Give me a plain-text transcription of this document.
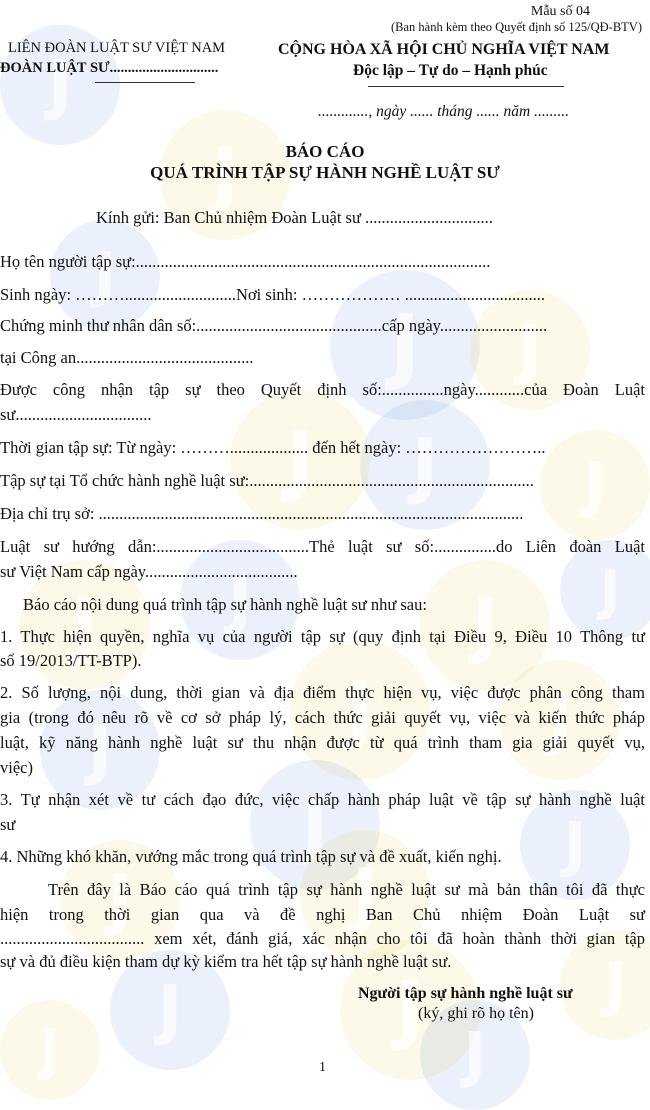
J
J
J	J
J
J	J	J
J	J	J	J
J	J	J
J	J
J	J
J	J	J
J
J
Mẫu số 04
(Ban hành kèm theo Quyết định số 125/QĐ-BTV)
LIÊN ĐOÀN LUẬT SƯ VIỆT NAM
ĐOÀN LUẬT SƯ..............................
CỘNG HÒA XÃ HỘI CHỦ NGHĨA VIỆT NAM
Độc lập – Tự do – Hạnh phúc
............., ngày ...... tháng ...... năm .........
BÁO CÁO
QUÁ TRÌNH TẬP SỰ HÀNH NGHỀ LUẬT SƯ
Kính gửi: Ban Chủ nhiệm Đoàn Luật sư ...............................
Họ tên người tập sự:......................................................................................
Sinh ngày: ………...........................Nơi sinh: ……………… ..................................
Chứng minh thư nhân dân số:.............................................cấp ngày..........................
tại Công an...........................................
Được công nhận tập sự theo Quyết định số:...............ngày............của Đoàn Luật
sư.................................
Thời gian tập sự: Từ ngày: ………................... đến hết ngày: ……………………..
Tập sự tại Tổ chức hành nghề luật sư:.....................................................................
Địa chỉ trụ sở: .......................................................................................................
Luật sư hướng dẫn:.....................................Thẻ luật sư số:...............do Liên đoàn Luật
sư Việt Nam cấp ngày.....................................
Báo cáo nội dung quá trình tập sự hành nghề luật sư như sau:
1. Thực hiện quyền, nghĩa vụ của người tập sự (quy định tại Điều 9, Điều 10 Thông tư
số 19/2013/TT-BTP).
2. Số lượng, nội dung, thời gian và địa điểm thực hiện vụ, việc được phân công tham
gia (trong đó nêu rõ về cơ sở pháp lý, cách thức giải quyết vụ, việc và kiến thức pháp
luật, kỹ năng hành nghề luật sư thu nhận được từ quá trình tham gia giải quyết vụ,
việc)
3. Tự nhận xét về tư cách đạo đức, việc chấp hành pháp luật về tập sự hành nghề luật
sư
4. Những khó khăn, vướng mắc trong quá trình tập sự và đề xuất, kiến nghị.
Trên đây là Báo cáo quá trình tập sự hành nghề luật sư mà bản thân tôi đã thực
hiện trong thời gian qua và đề nghị Ban Chủ nhiệm Đoàn Luật sư
................................... xem xét, đánh giá, xác nhận cho tôi đã hoàn thành thời gian tập
sự và đủ điều kiện tham dự kỳ kiểm tra hết tập sự hành nghề luật sư.
Người tập sự hành nghề luật sư
(ký, ghi rõ họ tên)
1
